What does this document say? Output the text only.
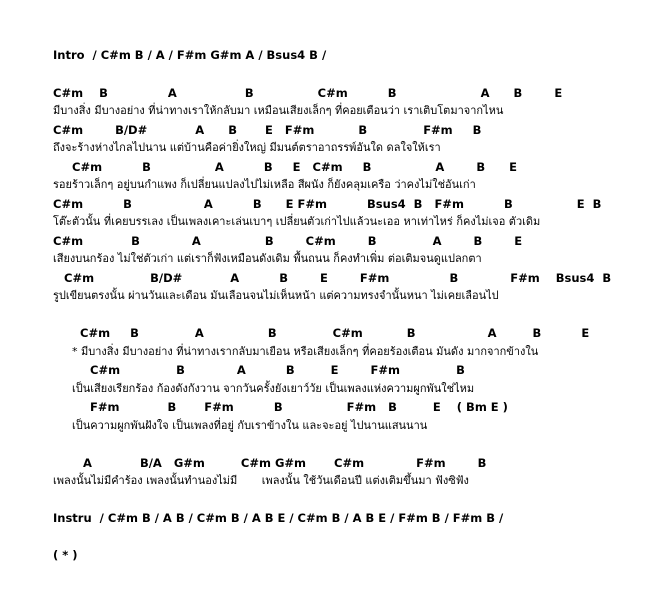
Intro  / C#m B / A / F#m G#m A / Bsus4 B /
C#m    B               A                 B                C#m          B                     A      B        E
มีบางสิ่ง มีบางอย่าง ที่น่าทางเราให้กลับมา เหมือนเสียงเล็กๆ ที่คอยเตือนว่า เราเติบโตมาจากไหน
C#m        B/D#            A      B       E   F#m           B              F#m     B
ถึงจะร้างห่างไกลไปนาน แต่บ้านคือค่ายิ่งใหญ่ มีมนต์ตราอาถรรพ์อันใด ดลใจให้เรา
C#m          B                A          B     E   C#m     B                A        B      E
รอยร้าวเล็กๆ อยู่บนกำแพง ก็เปลี่ยนแปลงไปไม่เหลือ สีผนัง ก็ยังคลุมเครือ ว่าคงไม่ใช่อันเก่า
C#m          B                  A          B      E F#m          Bsus4  B   F#m          B                E  B
โต๊ะตัวนั้น ที่เคยบรรเลง เป็นเพลงเคาะเล่นเบาๆ เปลี่ยนตัวเก่าไปแล้วนะเออ หาเท่าไหร่ ก็คงไม่เจอ ตัวเดิม
C#m            B             A                B        C#m        B              A        B        E
เสียงบนกร้อง ไม่ใช่ตัวเก่า แต่เราก็ฟังเหมือนดังเดิม พื้นถนน ก็คงทำเพิ่ม ต่อเติมจนดูแปลกตา
C#m              B/D#            A          B        E        F#m               B             F#m    Bsus4  B
รูปเขียนตรงนั้น ผ่านวันและเดือน มันเลือนจนไม่เห็นหน้า แต่ความทรงจำนั้นหนา ไม่เคยเลือนไป
C#m     B              A                B              C#m           B                  A         B          E
* มีบางสิ่ง มีบางอย่าง ที่น่าทางเรากลับมาเยือน หรือเสียงเล็กๆ ที่คอยร้องเตือน มันดัง มากจากข้างใน
C#m              B             A          B         E        F#m              B
เป็นเสียงเรียกร้อง ก้องดังกังวาน จากวันครั้งยังเยาว์วัย เป็นเพลงแห่งความผูกพันใช่ไหม
F#m            B       F#m          B                F#m   B         E    ( Bm E )
เป็นความผูกพันฝังใจ เป็นเพลงที่อยู่ กับเราข้างใน และจะอยู่ ไปนานแสนนาน
A            B/A   G#m         C#m G#m       C#m             F#m        B
เพลงนั้นไม่มีคำร้อง เพลงนั้นทำนองไม่มี       เพลงนั้น ใช้วันเดือนปี แต่งเติมขึ้นมา ฟังซิฟัง
Instru  / C#m B / A B / C#m B / A B E / C#m B / A B E / F#m B / F#m B /
( * )
